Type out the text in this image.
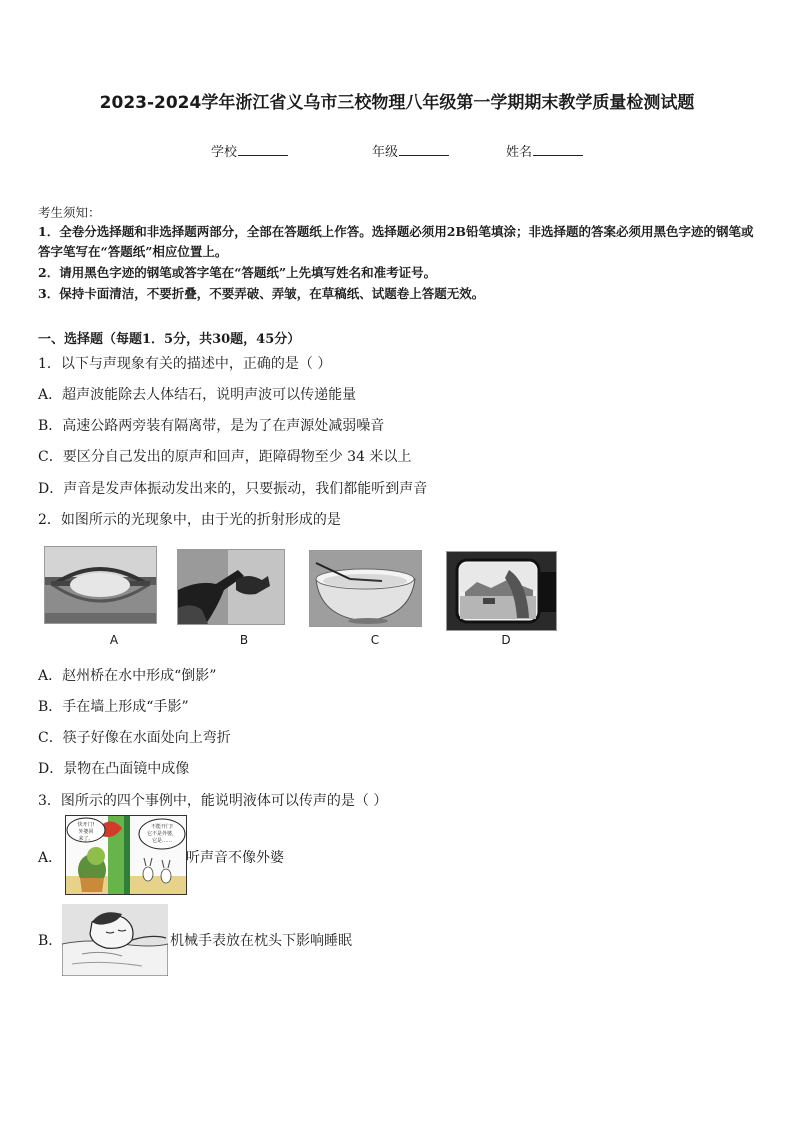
2023-2024学年浙江省义乌市三校物理八年级第一学期期末教学质量检测试题
学校	年级	姓名
考生须知：
1．全卷分选择题和非选择题两部分，全部在答题纸上作答。选择题必须用2B铅笔填涂；非选择题的答案必须用黑色字迹的钢笔或答字笔写在“答题纸”相应位置上。
2．请用黑色字迹的钢笔或答字笔在“答题纸”上先填写姓名和准考证号。
3．保持卡面清洁，不要折叠，不要弄破、弄皱，在草稿纸、试题卷上答题无效。
一、选择题（每题1．5分，共30题，45分）
1．以下与声现象有关的描述中，正确的是（ ）
A．超声波能除去人体结石，说明声波可以传递能量
B．高速公路两旁装有隔离带，是为了在声源处减弱噪音
C．要区分自己发出的原声和回声，距障碍物至少 34 米以上
D．声音是发声体振动发出来的，只要振动，我们都能听到声音
2．如图所示的光现象中，由于光的折射形成的是
A	B	C	D
A．赵州桥在水中形成“倒影”
B．手在墙上形成“手影”
C．筷子好像在水面处向上弯折
D．景物在凸面镜中成像
3．图所示的四个事例中，能说明液体可以传声的是（ ）
A．
快开门!
外婆回
来了。
不能开门!
它不是外婆，
它是……
听声音不像外婆
B．	机械手表放在枕头下影响睡眠
